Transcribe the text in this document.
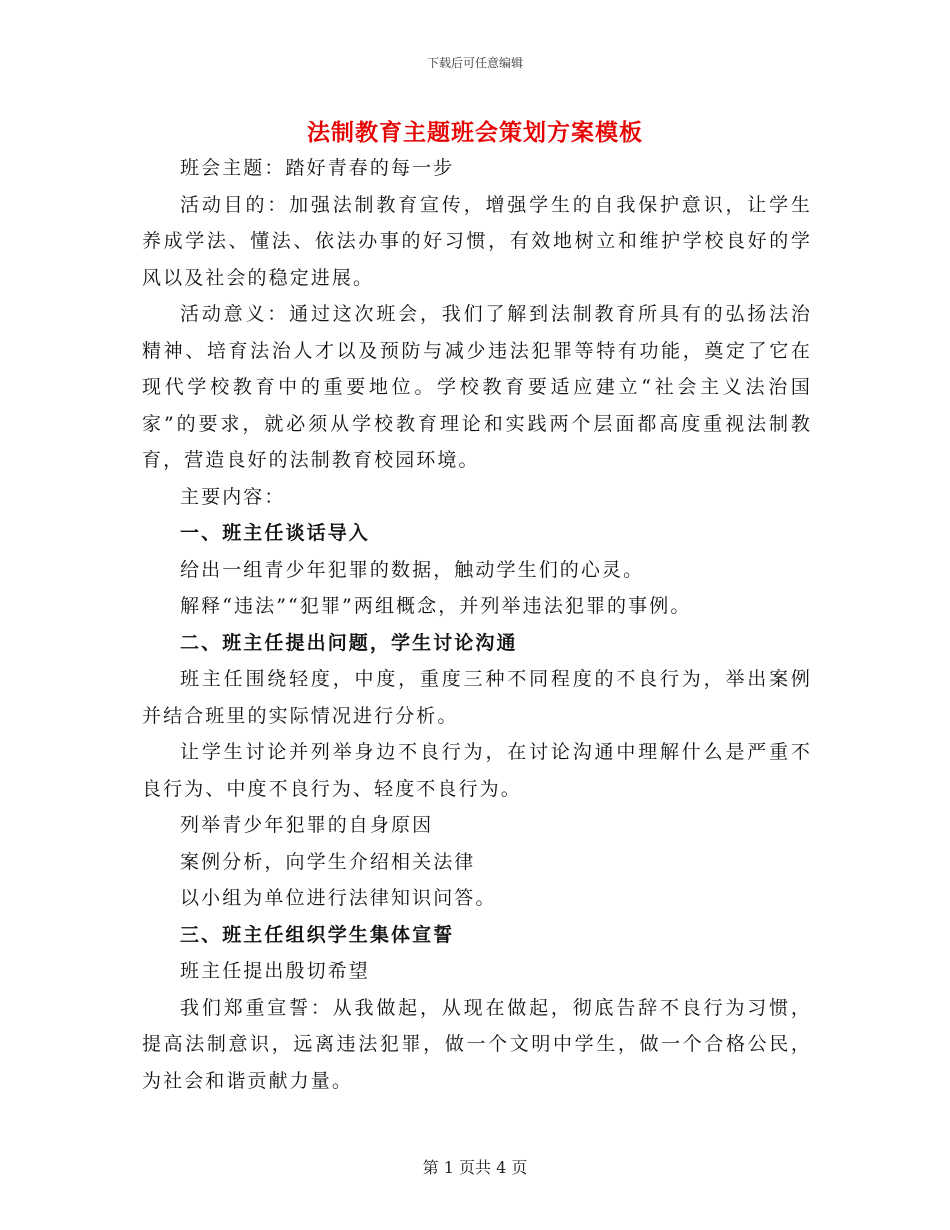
下载后可任意编辑
法制教育主题班会策划方案模板

班会主题：踏好青春的每一步

活动目的：加强法制教育宣传，增强学生的自我保护意识，让学生养成学法、懂法、依法办事的好习惯，有效地树立和维护学校良好的学风以及社会的稳定进展。

活动意义：通过这次班会，我们了解到法制教育所具有的弘扬法治精神、培育法治人才以及预防与减少违法犯罪等特有功能，奠定了它在现代学校教育中的重要地位。学校教育要适应建立“社会主义法治国家”的要求，就必须从学校教育理论和实践两个层面都高度重视法制教育，营造良好的法制教育校园环境。

主要内容：

一、班主任谈话导入

给出一组青少年犯罪的数据，触动学生们的心灵。

解释“违法”“犯罪”两组概念，并列举违法犯罪的事例。

二、班主任提出问题，学生讨论沟通

班主任围绕轻度，中度，重度三种不同程度的不良行为，举出案例并结合班里的实际情况进行分析。

让学生讨论并列举身边不良行为，在讨论沟通中理解什么是严重不良行为、中度不良行为、轻度不良行为。

列举青少年犯罪的自身原因

案例分析，向学生介绍相关法律

以小组为单位进行法律知识问答。

三、班主任组织学生集体宣誓

班主任提出殷切希望

我们郑重宣誓：从我做起，从现在做起，彻底告辞不良行为习惯，提高法制意识，远离违法犯罪，做一个文明中学生，做一个合格公民，为社会和谐贡献力量。

第 1 页共 4 页
